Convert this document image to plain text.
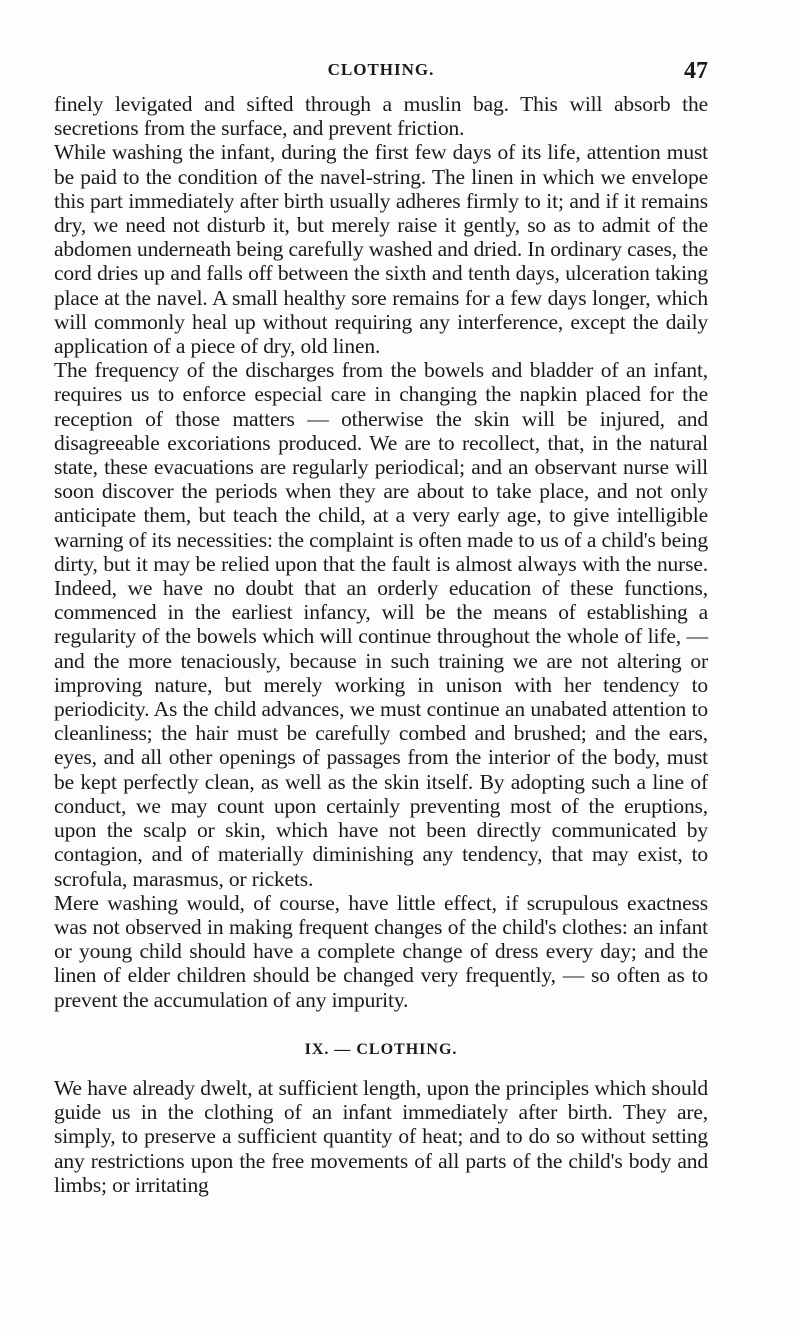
CLOTHING.	47

finely levigated and sifted through a muslin bag. This will absorb the secretions from the surface, and prevent friction.

While washing the infant, during the first few days of its life, attention must be paid to the condition of the navel-string. The linen in which we envelope this part immediately after birth usually adheres firmly to it; and if it remains dry, we need not disturb it, but merely raise it gently, so as to admit of the abdomen underneath being carefully washed and dried. In ordinary cases, the cord dries up and falls off between the sixth and tenth days, ulceration taking place at the navel. A small healthy sore remains for a few days longer, which will commonly heal up without requiring any interference, except the daily application of a piece of dry, old linen.

The frequency of the discharges from the bowels and bladder of an infant, requires us to enforce especial care in changing the napkin placed for the reception of those matters — otherwise the skin will be injured, and disagreeable excoriations produced. We are to recollect, that, in the natural state, these evacuations are regularly periodical; and an observant nurse will soon discover the periods when they are about to take place, and not only anticipate them, but teach the child, at a very early age, to give intelligible warning of its necessities: the complaint is often made to us of a child's being dirty, but it may be relied upon that the fault is almost always with the nurse. Indeed, we have no doubt that an orderly education of these functions, commenced in the earliest infancy, will be the means of establishing a regularity of the bowels which will continue throughout the whole of life, — and the more tenaciously, because in such training we are not altering or improving nature, but merely working in unison with her tendency to periodicity. As the child advances, we must continue an unabated attention to cleanliness; the hair must be carefully combed and brushed; and the ears, eyes, and all other openings of passages from the interior of the body, must be kept perfectly clean, as well as the skin itself. By adopting such a line of conduct, we may count upon certainly preventing most of the eruptions, upon the scalp or skin, which have not been directly communicated by contagion, and of materially diminishing any tendency, that may exist, to scrofula, marasmus, or rickets.

Mere washing would, of course, have little effect, if scrupulous exactness was not observed in making frequent changes of the child's clothes: an infant or young child should have a complete change of dress every day; and the linen of elder children should be changed very frequently, — so often as to prevent the accumulation of any impurity.

IX. — CLOTHING.

We have already dwelt, at sufficient length, upon the principles which should guide us in the clothing of an infant immediately after birth. They are, simply, to preserve a sufficient quantity of heat; and to do so without setting any restrictions upon the free movements of all parts of the child's body and limbs; or irritating
